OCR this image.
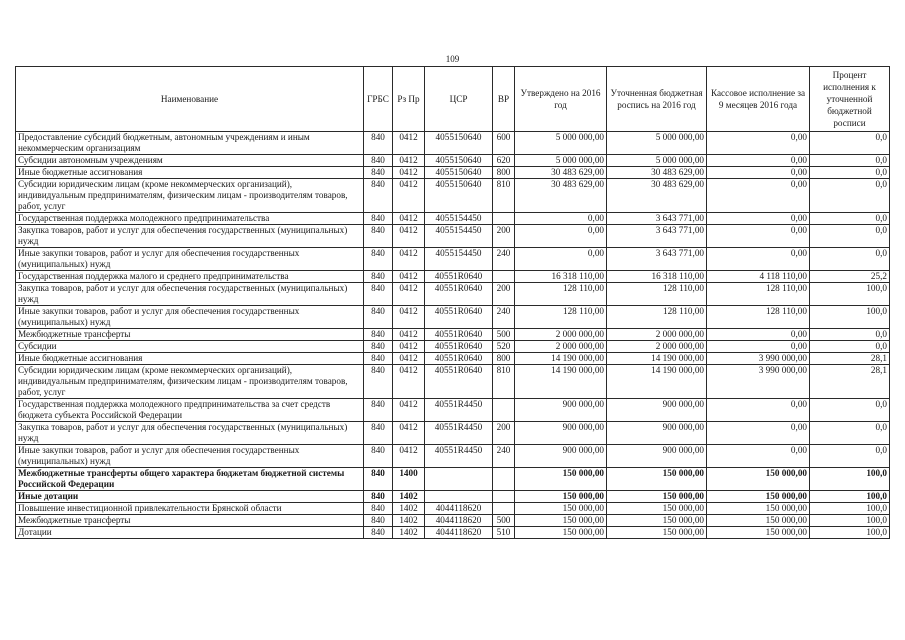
109
Наименование	ГРБС	Рз Пр	ЦСР	ВР	Утверждено на 2016 год	Уточненная бюджетная роспись на 2016 год	Кассовое исполнение за 9 месяцев 2016 года	Процент исполнения к уточненной бюджетной росписи
Предоставление субсидий бюджетным, автономным учреждениям и иным некоммерческим организациям	840	0412	4055150640	600	5 000 000,00	5 000 000,00	0,00	0,0
Субсидии автономным учреждениям	840	0412	4055150640	620	5 000 000,00	5 000 000,00	0,00	0,0
Иные бюджетные ассигнования	840	0412	4055150640	800	30 483 629,00	30 483 629,00	0,00	0,0
Субсидии юридическим лицам (кроме некоммерческих организаций), индивидуальным предпринимателям, физическим лицам - производителям товаров, работ, услуг	840	0412	4055150640	810	30 483 629,00	30 483 629,00	0,00	0,0
Государственная поддержка молодежного предпринимательства	840	0412	4055154450		0,00	3 643 771,00	0,00	0,0
Закупка товаров, работ и услуг для обеспечения государственных (муниципальных) нужд	840	0412	4055154450	200	0,00	3 643 771,00	0,00	0,0
Иные закупки товаров, работ и услуг для обеспечения государственных (муниципальных) нужд	840	0412	4055154450	240	0,00	3 643 771,00	0,00	0,0
Государственная поддержка малого и среднего предпринимательства	840	0412	40551R0640		16 318 110,00	16 318 110,00	4 118 110,00	25,2
Закупка товаров, работ и услуг для обеспечения государственных (муниципальных) нужд	840	0412	40551R0640	200	128 110,00	128 110,00	128 110,00	100,0
Иные закупки товаров, работ и услуг для обеспечения государственных (муниципальных) нужд	840	0412	40551R0640	240	128 110,00	128 110,00	128 110,00	100,0
Межбюджетные трансферты	840	0412	40551R0640	500	2 000 000,00	2 000 000,00	0,00	0,0
Субсидии	840	0412	40551R0640	520	2 000 000,00	2 000 000,00	0,00	0,0
Иные бюджетные ассигнования	840	0412	40551R0640	800	14 190 000,00	14 190 000,00	3 990 000,00	28,1
Субсидии юридическим лицам (кроме некоммерческих организаций), индивидуальным предпринимателям, физическим лицам - производителям товаров, работ, услуг	840	0412	40551R0640	810	14 190 000,00	14 190 000,00	3 990 000,00	28,1
Государственная поддержка молодежного предпринимательства за счет средств бюджета субъекта Российской Федерации	840	0412	40551R4450		900 000,00	900 000,00	0,00	0,0
Закупка товаров, работ и услуг для обеспечения государственных (муниципальных) нужд	840	0412	40551R4450	200	900 000,00	900 000,00	0,00	0,0
Иные закупки товаров, работ и услуг для обеспечения государственных (муниципальных) нужд	840	0412	40551R4450	240	900 000,00	900 000,00	0,00	0,0
Межбюджетные трансферты общего характера бюджетам бюджетной системы Российской Федерации	840	1400			150 000,00	150 000,00	150 000,00	100,0
Иные дотации	840	1402			150 000,00	150 000,00	150 000,00	100,0
Повышение инвестиционной привлекательности Брянской области	840	1402	4044118620		150 000,00	150 000,00	150 000,00	100,0
Межбюджетные трансферты	840	1402	4044118620	500	150 000,00	150 000,00	150 000,00	100,0
Дотации	840	1402	4044118620	510	150 000,00	150 000,00	150 000,00	100,0
